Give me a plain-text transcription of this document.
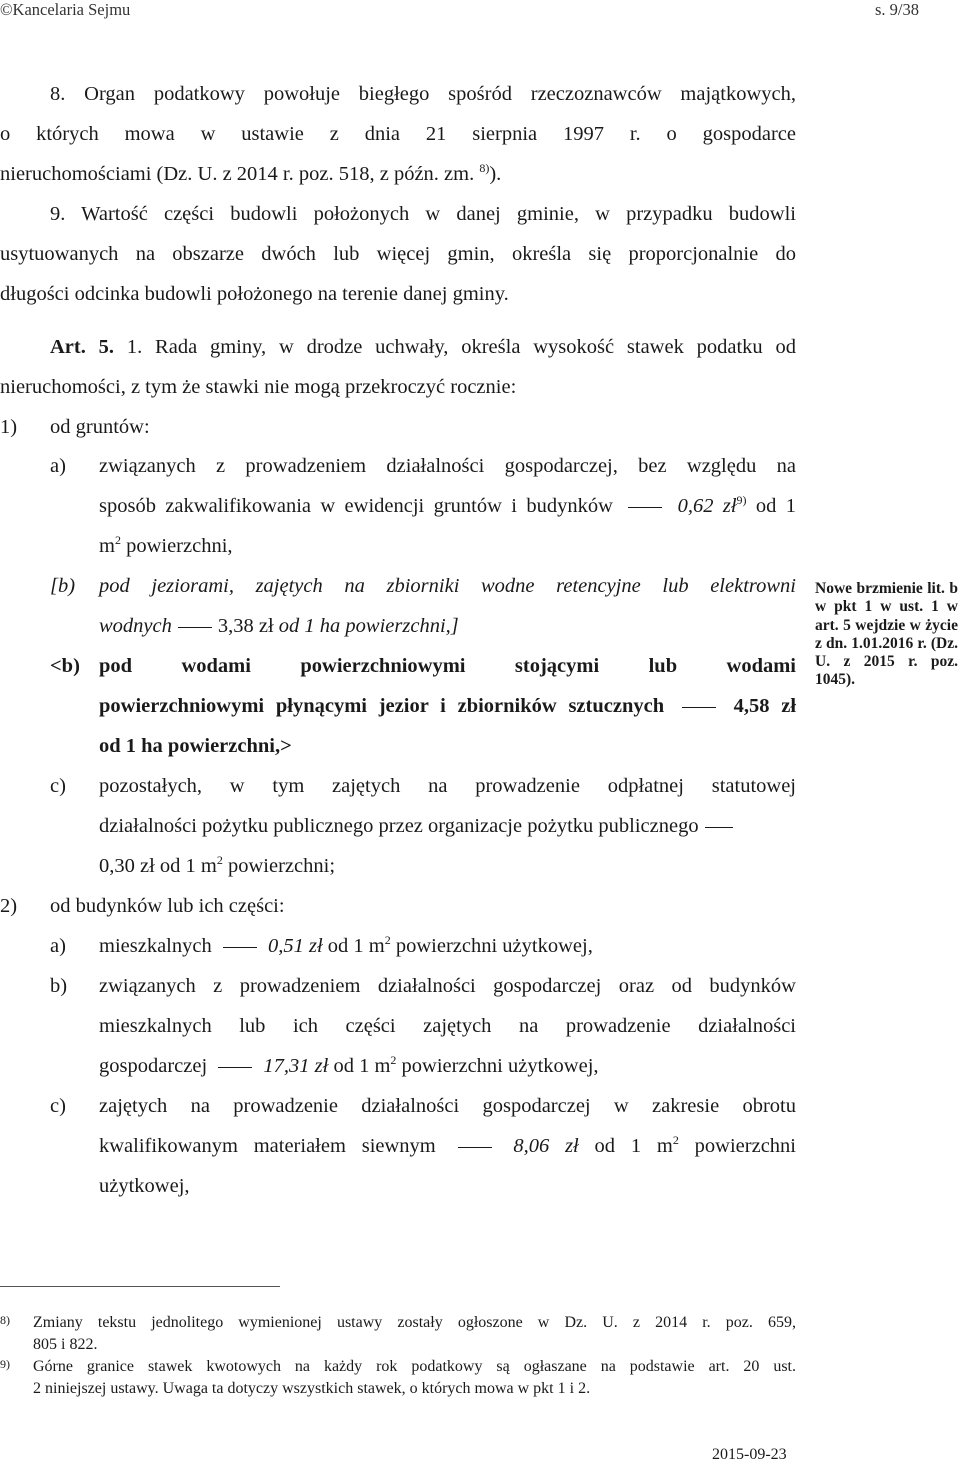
©Kancelaria Sejmu	s. 9/38
8. Organ podatkowy powołuje biegłego spośród rzeczoznawców majątkowych,
o których mowa w ustawie z dnia 21 sierpnia 1997 r. o gospodarce
nieruchomościami (Dz. U. z 2014 r. poz. 518, z późn. zm. $^{8)}$).
9. Wartość części budowli położonych w danej gminie, w przypadku budowli
usytuowanych na obszarze dwóch lub więcej gmin, określa się proporcjonalnie do
długości odcinka budowli położonego na terenie danej gminy.
Art. 5. 1. Rada gminy, w drodze uchwały, określa wysokość stawek podatku od
nieruchomości, z tym że stawki nie mogą przekroczyć rocznie:
1) od gruntów:
a) związanych z prowadzeniem działalności gospodarczej, bez względu na
sposób zakwalifikowania w ewidencji gruntów i budynków	0,62 $zł^{9)}$ od 1
$m^2$ powierzchni,
[b) pod jeziorami, zajętych na zbiorniki wodne retencyjne lub elektrowni
wodnych 3,38 zł od 1 ha powierzchni,]
<b) pod wodami powierzchniowymi stojącymi lub wodami
powierzchniowymi płynącymi jezior i zbiorników sztucznych	4,58 zł
od 1 ha powierzchni,>
c) pozostałych, w tym zajętych na prowadzenie odpłatnej statutowej
działalności pożytku publicznego przez organizacje pożytku publicznego
0,30 zł od 1 $m^2$ powierzchni;
2) od budynków lub ich części:
a) mieszkalnych	0,51 zł od 1 $m^2$ powierzchni użytkowej,
b) związanych z prowadzeniem działalności gospodarczej oraz od budynków
mieszkalnych lub ich części zajętych na prowadzenie działalności
gospodarczej	17,31 zł od 1 $m^2$ powierzchni użytkowej,
c) zajętych na prowadzenie działalności gospodarczej w zakresie obrotu
kwalifikowanym materiałem siewnym	8,06 zł od 1 $m^2$ powierzchni
użytkowej,
Nowe brzmienie lit. b w pkt 1 w ust. 1 w art. 5 wejdzie w życie z dn. 1.01.2016 r. (Dz. U. z 2015 r. poz. 1045).
8) Zmiany tekstu jednolitego wymienionej ustawy zostały ogłoszone w Dz. U. z 2014 r. poz. 659,
805 i 822.
9) Górne granice stawek kwotowych na każdy rok podatkowy są ogłaszane na podstawie art. 20 ust.
2 niniejszej ustawy. Uwaga ta dotyczy wszystkich stawek, o których mowa w pkt 1 i 2.
2015-09-23
